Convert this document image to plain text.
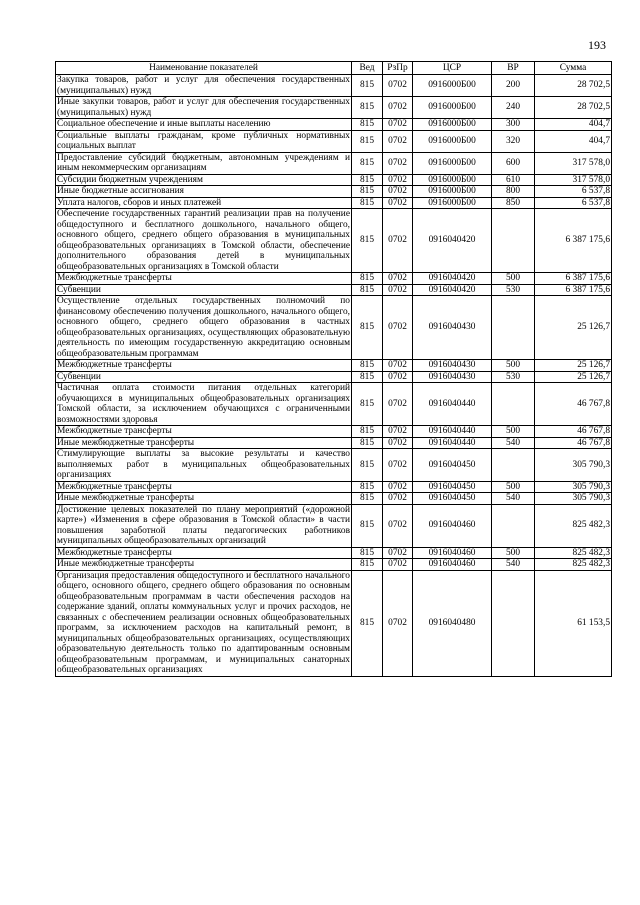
193
Наименование показателей	Вед	РзПр	ЦСР	ВР	Сумма
Закупка товаров, работ и услуг для обеспечения государственных (муниципальных) нужд	815	0702	0916000Б00	200	28 702,5
Иные закупки товаров, работ и услуг для обеспечения государственных (муниципальных) нужд	815	0702	0916000Б00	240	28 702,5
Социальное обеспечение и иные выплаты населению	815	0702	0916000Б00	300	404,7
Социальные выплаты гражданам, кроме публичных нормативных социальных выплат	815	0702	0916000Б00	320	404,7
Предоставление субсидий бюджетным, автономным учреждениям и иным некоммерческим организациям	815	0702	0916000Б00	600	317 578,0
Субсидии бюджетным учреждениям	815	0702	0916000Б00	610	317 578,0
Иные бюджетные ассигнования	815	0702	0916000Б00	800	6 537,8
Уплата налогов, сборов и иных платежей	815	0702	0916000Б00	850	6 537,8
Обеспечение государственных гарантий реализации прав на получение общедоступного и бесплатного дошкольного, начального общего, основного общего, среднего общего образования в муниципальных общеобразовательных организациях в Томской области, обеспечение дополнительного образования детей в муниципальных общеобразовательных организациях в Томской области	815	0702	0916040420		6 387 175,6
Межбюджетные трансферты	815	0702	0916040420	500	6 387 175,6
Субвенции	815	0702	0916040420	530	6 387 175,6
Осуществление отдельных государственных полномочий по финансовому обеспечению получения дошкольного, начального общего, основного общего, среднего общего образования в частных общеобразовательных организациях, осуществляющих образовательную деятельность по имеющим государственную аккредитацию основным общеобразовательным программам	815	0702	0916040430		25 126,7
Межбюджетные трансферты	815	0702	0916040430	500	25 126,7
Субвенции	815	0702	0916040430	530	25 126,7
Частичная оплата стоимости питания отдельных категорий обучающихся в муниципальных общеобразовательных организациях Томской области, за исключением обучающихся с ограниченными возможностями здоровья	815	0702	0916040440		46 767,8
Межбюджетные трансферты	815	0702	0916040440	500	46 767,8
Иные межбюджетные трансферты	815	0702	0916040440	540	46 767,8
Стимулирующие выплаты за высокие результаты и качество выполняемых работ в муниципальных общеобразовательных организациях	815	0702	0916040450		305 790,3
Межбюджетные трансферты	815	0702	0916040450	500	305 790,3
Иные межбюджетные трансферты	815	0702	0916040450	540	305 790,3
Достижение целевых показателей по плану мероприятий («дорожной карте») «Изменения в сфере образования в Томской области» в части повышения заработной платы педагогических работников муниципальных общеобразовательных организаций	815	0702	0916040460		825 482,3
Межбюджетные трансферты	815	0702	0916040460	500	825 482,3
Иные межбюджетные трансферты	815	0702	0916040460	540	825 482,3
Организация предоставления общедоступного и бесплатного начального общего, основного общего, среднего общего образования по основным общеобразовательным программам в части обеспечения расходов на содержание зданий, оплаты коммунальных услуг и прочих расходов, не связанных с обеспечением реализации основных общеобразовательных программ, за исключением расходов на капитальный ремонт, в муниципальных общеобразовательных организациях, осуществляющих образовательную деятельность только по адаптированным основным общеобразовательным программам, и муниципальных санаторных общеобразовательных организациях	815	0702	0916040480		61 153,5
